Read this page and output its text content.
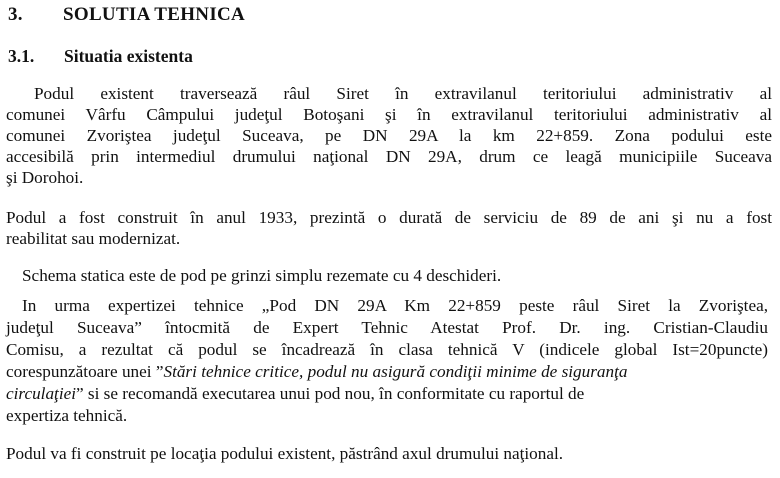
3. SOLUTIA TEHNICA
3.1. Situatia existenta

Podul existent traversează râul Siret în extravilanul teritoriului administrativ al

comunei Vârfu Câmpului judeţul Botoşani şi în extravilanul teritoriului administrativ al

comunei Zvoriştea judeţul Suceava, pe DN 29A la km 22+859. Zona podului este

accesibilă prin intermediul drumului naţional DN 29A, drum ce leagă municipiile Suceava

şi Dorohoi.

Podul a fost construit în anul 1933, prezintă o durată de serviciu de 89 de ani şi nu a fost

reabilitat sau modernizat.

Schema statica este de pod pe grinzi simplu rezemate cu 4 deschideri.

In urma expertizei tehnice „Pod DN 29A Km 22+859 peste râul Siret la Zvoriştea,

judeţul Suceava” întocmită de Expert Tehnic Atestat Prof. Dr. ing. Cristian-Claudiu

Comisu, a rezultat că podul se încadrează în clasa tehnică V (indicele global Ist=20puncte)

corespunzătoare unei ”Stări tehnice critice, podul nu asigură condiţii minime de siguranţa

circulaţiei” si se recomandă executarea unui pod nou, în conformitate cu raportul de

expertiza tehnică.

Podul va fi construit pe locaţia podului existent, păstrând axul drumului naţional.
